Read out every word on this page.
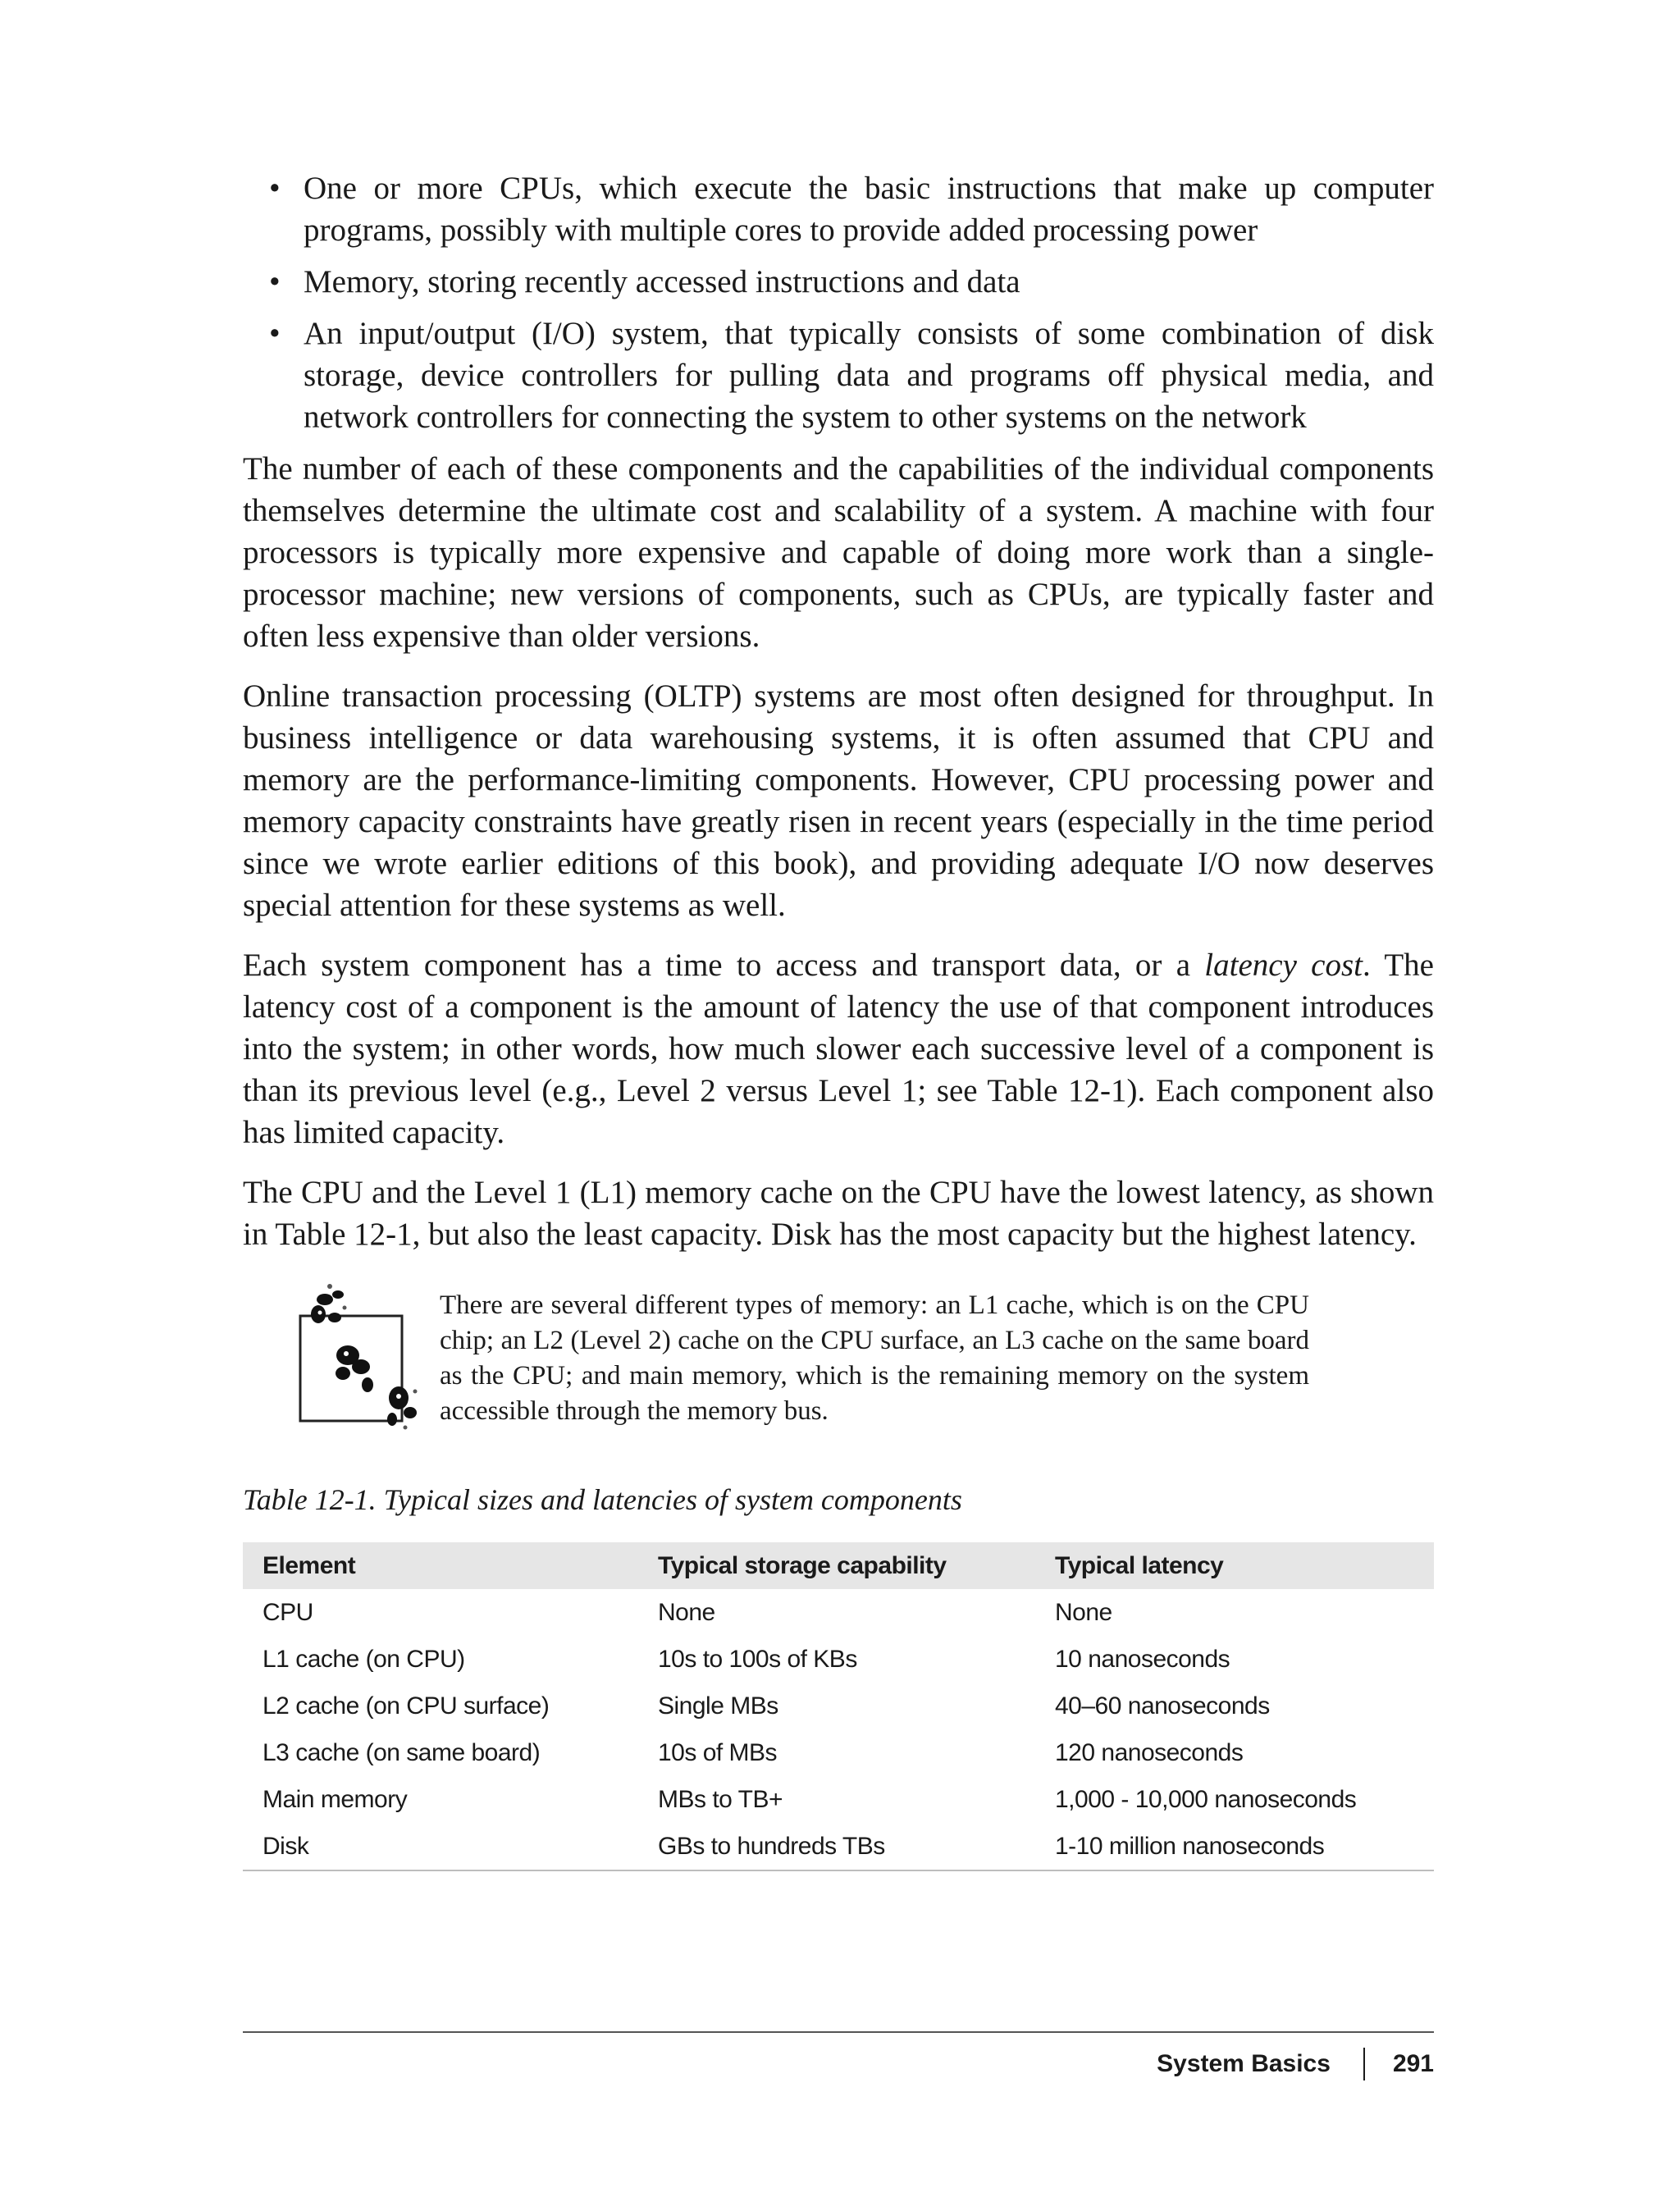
• One or more CPUs, which execute the basic instructions that make up computer programs, possibly with multiple cores to provide added processing power
• Memory, storing recently accessed instructions and data
• An input/output (I/O) system, that typically consists of some combination of disk storage, device controllers for pulling data and programs off physical media, and network controllers for connecting the system to other systems on the network

The number of each of these components and the capabilities of the individual components themselves determine the ultimate cost and scalability of a system. A machine with four processors is typically more expensive and capable of doing more work than a single-processor machine; new versions of components, such as CPUs, are typically faster and often less expensive than older versions.

Online transaction processing (OLTP) systems are most often designed for throughput. In business intelligence or data warehousing systems, it is often assumed that CPU and memory are the performance-limiting components. However, CPU processing power and memory capacity constraints have greatly risen in recent years (especially in the time period since we wrote earlier editions of this book), and providing adequate I/O now deserves special attention for these systems as well.

Each system component has a time to access and transport data, or a latency cost. The latency cost of a component is the amount of latency the use of that component introduces into the system; in other words, how much slower each successive level of a component is than its previous level (e.g., Level 2 versus Level 1; see Table 12-1). Each component also has limited capacity.

The CPU and the Level 1 (L1) memory cache on the CPU have the lowest latency, as shown in Table 12-1, but also the least capacity. Disk has the most capacity but the highest latency.

There are several different types of memory: an L1 cache, which is on the CPU chip; an L2 (Level 2) cache on the CPU surface, an L3 cache on the same board as the CPU; and main memory, which is the remaining memory on the system accessible through the memory bus.
Table 12-1. Typical sizes and latencies of system components
Element	Typical storage capability	Typical latency
CPU	None	None
L1 cache (on CPU)	10s to 100s of KBs	10 nanoseconds
L2 cache (on CPU surface)	Single MBs	40–60 nanoseconds
L3 cache (on same board)	10s of MBs	120 nanoseconds
Main memory	MBs to TB+	1,000 - 10,000 nanoseconds
Disk	GBs to hundreds TBs	1-10 million nanoseconds
System Basics	291
